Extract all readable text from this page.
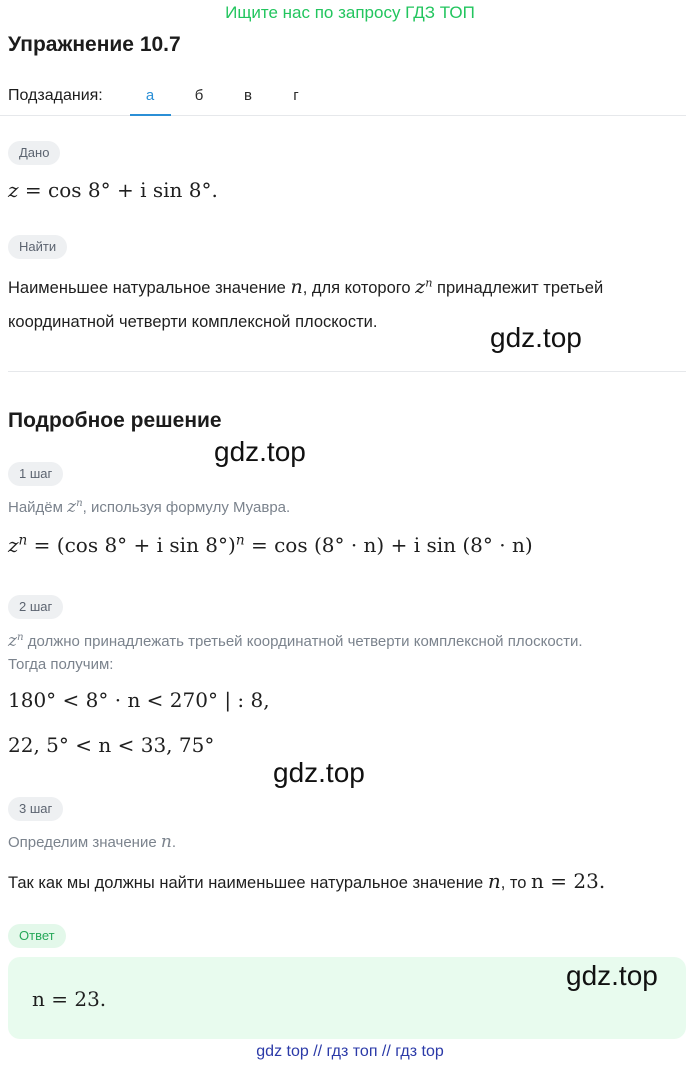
Ищите нас по запросу ГДЗ ТОП
Упражнение 10.7
Подзадания:	а	б	в	г
Дано
z = cos 8° + i sin 8°.
Найти
Наименьшее натуральное значение n, для которого $z^n$ принадлежит третьей
координатной четверти комплексной плоскости.	gdz.top
Подробное решение
gdz.top
1 шаг
Найдём $z^n$, используя формулу Муавра.
$z^n = (\cos$ 8° + i sin 8°)$^n$ = cos (8° · n) + i sin (8° · n)
2 шаг
$z^n$ должно принадлежать третьей координатной четверти комплексной плоскости.
Тогда получим:
180° < 8° · n < 270° | : 8,
22, 5° < n < 33, 75°
gdz.top
3 шаг
Определим значение n.
Так как мы должны найти наименьшее натуральное значение n, то n = 23.
Ответ
n = 23.
gdz.top
gdz top // гдз топ // гдз top
